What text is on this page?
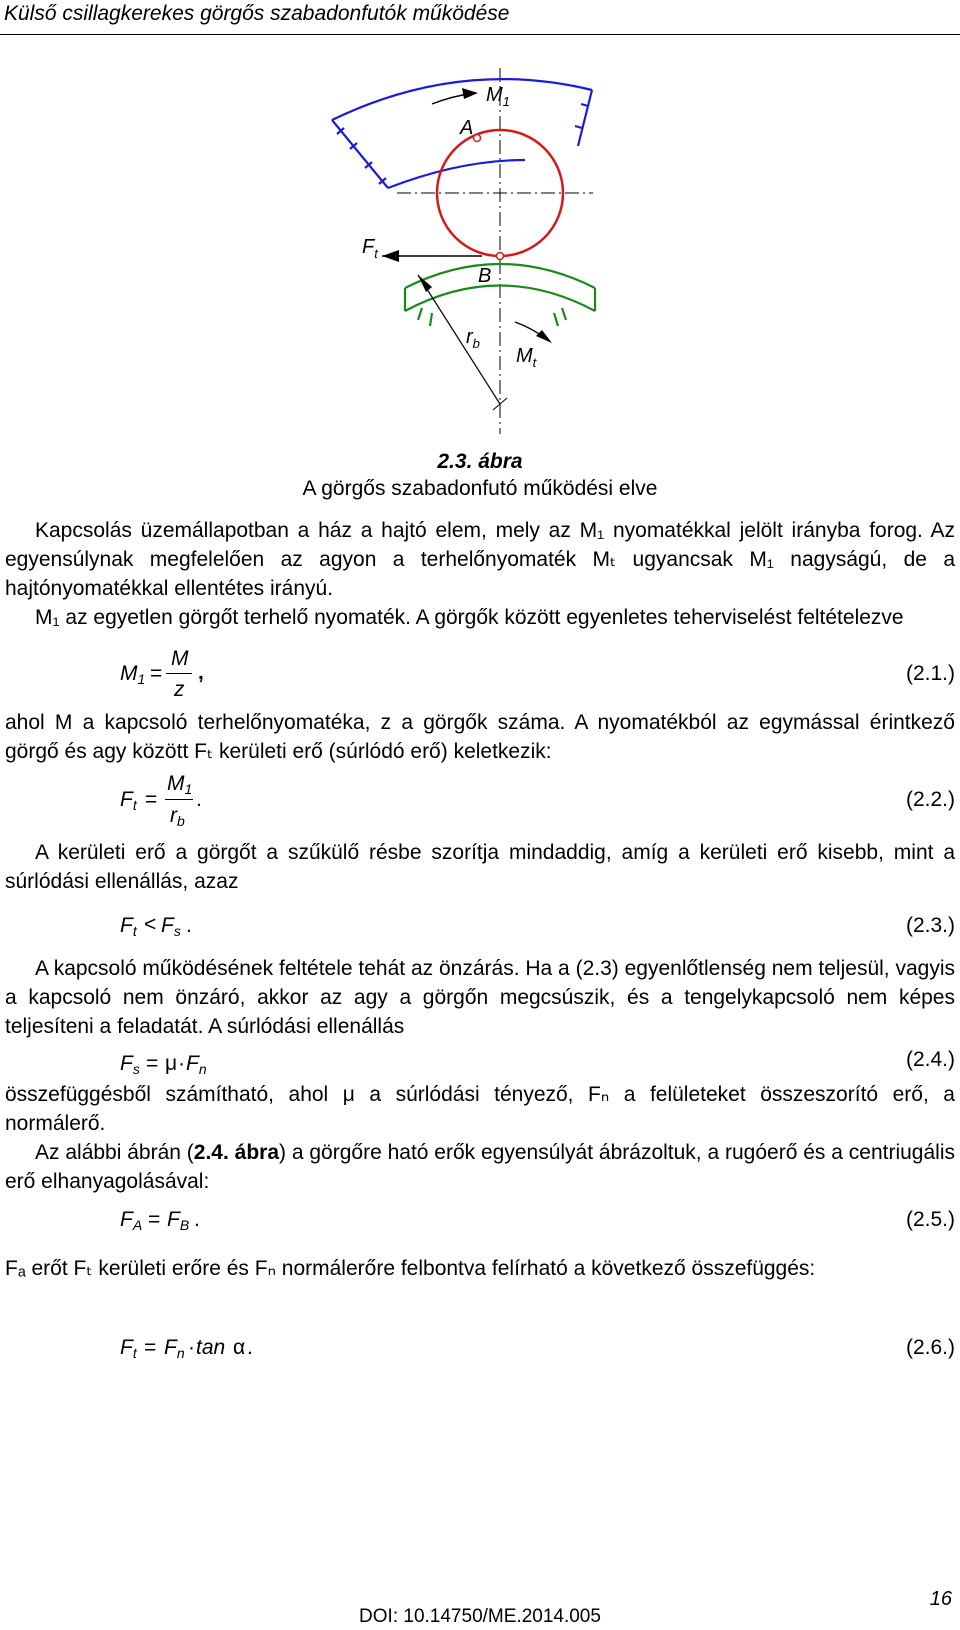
Külső csillagkerekes görgős szabadonfutók működése
$M_1$
A
$F_t$
B
$r_b$
$M_t$
2.3. ábra
A görgős szabadonfutó működési elve
Kapcsolás üzemállapotban a ház a hajtó elem, mely az M₁ nyomatékkal jelölt irányba forog. Az egyensúlynak megfelelően az agyon a terhelőnyomaték Mₜ ugyancsak M₁ nagyságú, de a hajtónyomatékkal ellentétes irányú.
M₁ az egyetlen görgőt terhelő nyomaték. A görgők között egyenletes teherviselést feltételezve
$M_1$ =
M
z
,	(2.1.)
ahol M a kapcsoló terhelőnyomatéka, z a görgők száma. A nyomatékból az egymással érintkező görgő és agy között Fₜ kerületi erő (súrlódó erő) keletkezik:
$F_t$ =
$M_1$
$r_b$
.	(2.2.)
A kerületi erő a görgőt a szűkülő résbe szorítja mindaddig, amíg a kerületi erő kisebb, mint a súrlódási ellenállás, azaz
$F_t < F_s$ .	(2.3.)
A kapcsoló működésének feltétele tehát az önzárás. Ha a (2.3) egyenlőtlenség nem teljesül, vagyis a kapcsoló nem önzáró, akkor az agy a görgőn megcsúszik, és a tengelykapcsoló nem képes teljesíteni a feladatát. A súrlódási ellenállás
$F_s = \mu \cdot F_n$	(2.4.)
összefüggésből számítható, ahol μ a súrlódási tényező, Fₙ a felületeket összeszorító erő, a normálerő.
Az alábbi ábrán (2.4. ábra) a görgőre ható erők egyensúlyát ábrázoltuk, a rugóerő és a centriugális erő elhanyagolásával:
$F_A = F_B$ .	(2.5.)
Fₐ erőt Fₜ kerületi erőre és Fₙ normálerőre felbontva felírható a következő összefüggés:
$F_t = F_n \cdot \tan \alpha$ .	(2.6.)
16
DOI: 10.14750/ME.2014.005
